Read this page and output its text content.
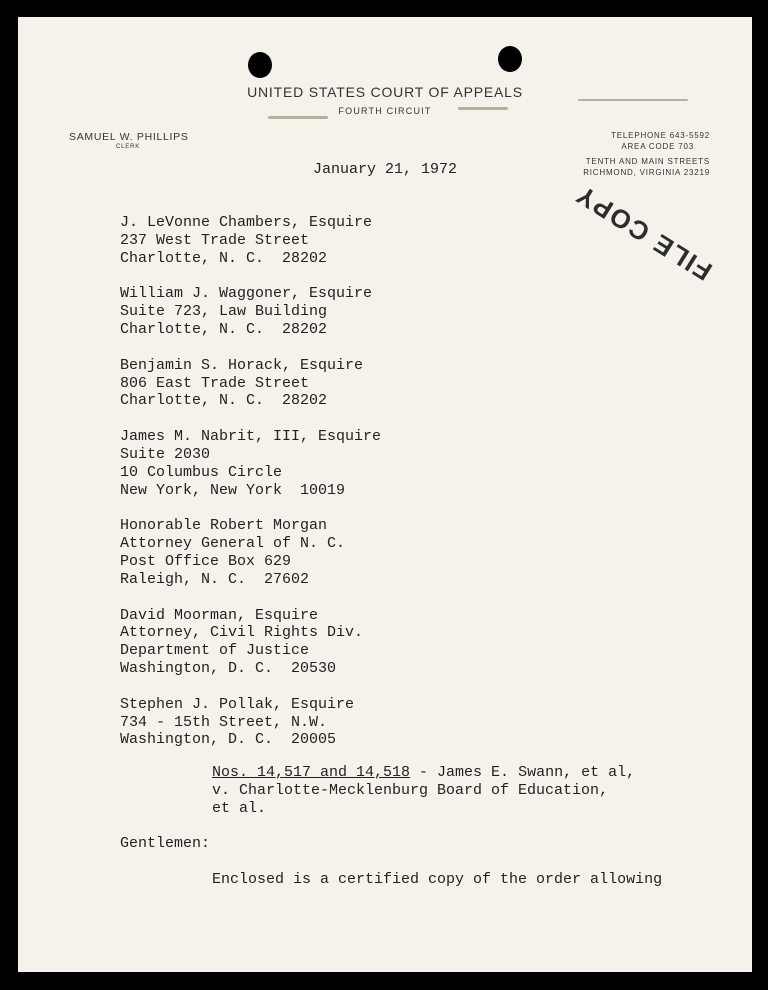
UNITED STATES COURT OF APPEALS
FOURTH CIRCUIT
SAMUEL W. PHILLIPS
CLERK
TELEPHONE 643-5592
AREA CODE 703
TENTH AND MAIN STREETS
RICHMOND, VIRGINIA 23219
January 21, 1972
FILE COPY
J. LeVonne Chambers, Esquire
237 West Trade Street
Charlotte, N. C.  28202
William J. Waggoner, Esquire
Suite 723, Law Building
Charlotte, N. C.  28202
Benjamin S. Horack, Esquire
806 East Trade Street
Charlotte, N. C.  28202
James M. Nabrit, III, Esquire
Suite 2030
10 Columbus Circle
New York, New York  10019
Honorable Robert Morgan
Attorney General of N. C.
Post Office Box 629
Raleigh, N. C.  27602
David Moorman, Esquire
Attorney, Civil Rights Div.
Department of Justice
Washington, D. C.  20530
Stephen J. Pollak, Esquire
734 - 15th Street, N.W.
Washington, D. C.  20005
Nos. 14,517 and 14,518 - James E. Swann, et al,
v. Charlotte-Mecklenburg Board of Education,
et al.
Gentlemen:
Enclosed is a certified copy of the order allowing
